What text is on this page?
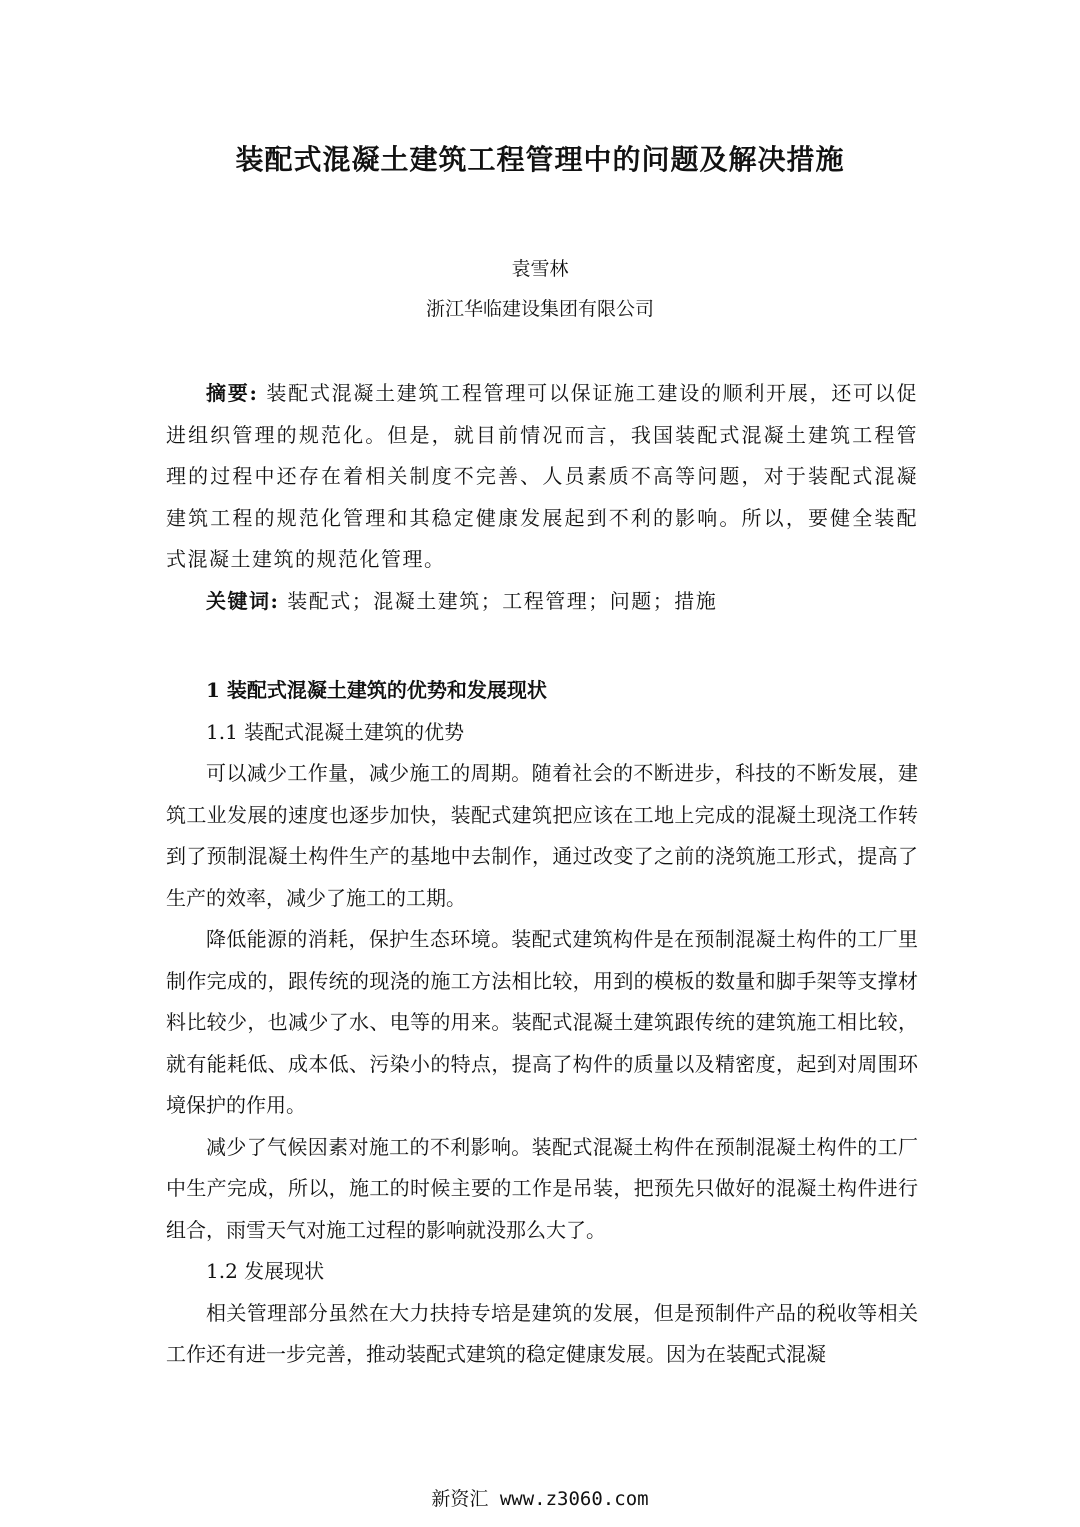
装配式混凝土建筑工程管理中的问题及解决措施
袁雪林
浙江华临建设集团有限公司

摘要: 装配式混凝土建筑工程管理可以保证施工建设的顺利开展，还可以促进组织管理的规范化。但是，就目前情况而言，我国装配式混凝土建筑工程管理的过程中还存在着相关制度不完善、人员素质不高等问题，对于装配式混凝建筑工程的规范化管理和其稳定健康发展起到不利的影响。所以，要健全装配式混凝土建筑的规范化管理。

关键词: 装配式；混凝土建筑；工程管理；问题；措施

1 装配式混凝土建筑的优势和发展现状
1.1 装配式混凝土建筑的优势

可以减少工作量，减少施工的周期。随着社会的不断进步，科技的不断发展，建筑工业发展的速度也逐步加快，装配式建筑把应该在工地上完成的混凝土现浇工作转到了预制混凝土构件生产的基地中去制作，通过改变了之前的浇筑施工形式，提高了生产的效率，减少了施工的工期。

降低能源的消耗，保护生态环境。装配式建筑构件是在预制混凝土构件的工厂里制作完成的，跟传统的现浇的施工方法相比较，用到的模板的数量和脚手架等支撑材料比较少，也减少了水、电等的用来。装配式混凝土建筑跟传统的建筑施工相比较，就有能耗低、成本低、污染小的特点，提高了构件的质量以及精密度，起到对周围环境保护的作用。

减少了气候因素对施工的不利影响。装配式混凝土构件在预制混凝土构件的工厂中生产完成，所以，施工的时候主要的工作是吊装，把预先只做好的混凝土构件进行组合，雨雪天气对施工过程的影响就没那么大了。

1.2 发展现状

相关管理部分虽然在大力扶持专培是建筑的发展，但是预制件产品的税收等相关工作还有进一步完善，推动装配式建筑的稳定健康发展。因为在装配式混凝

新资汇 www.z3060.com
